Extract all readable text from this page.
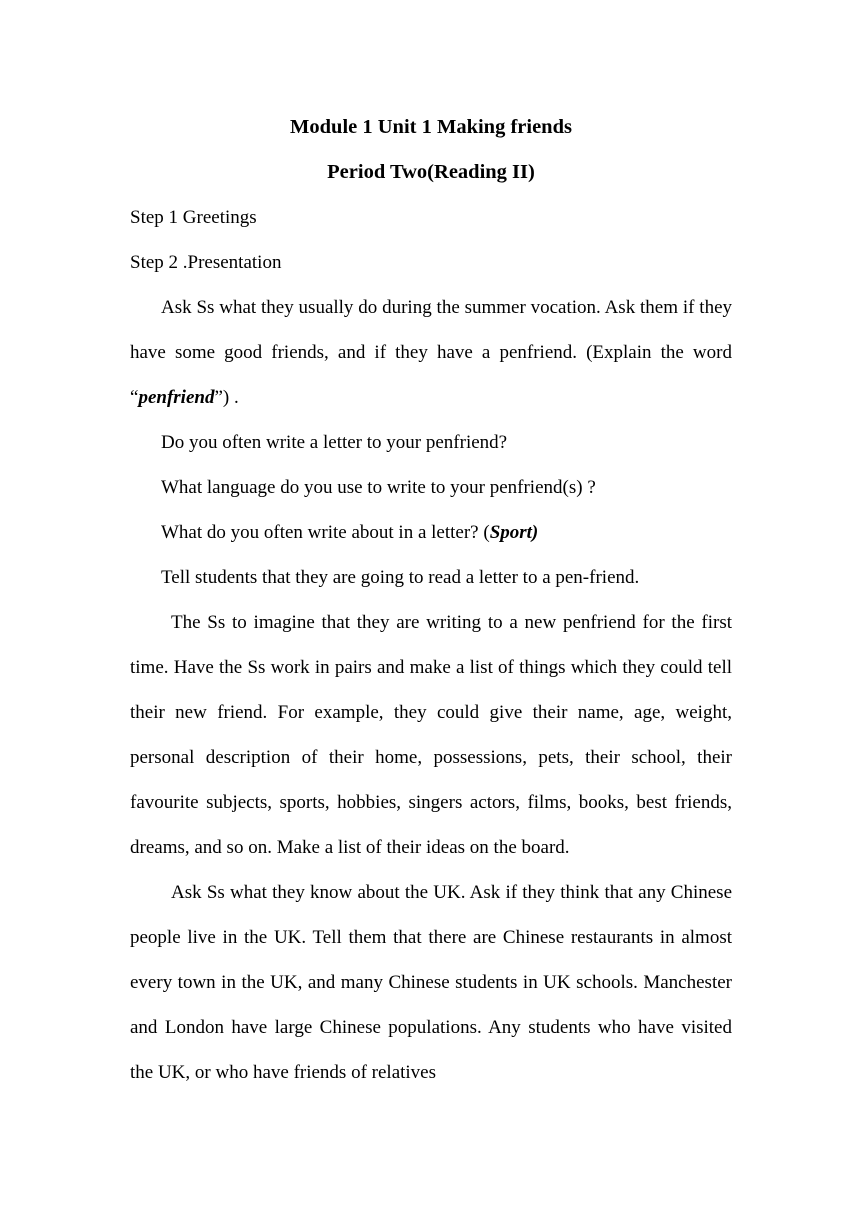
Module 1 Unit 1 Making friends

Period Two(Reading II)

Step 1 Greetings

Step 2 .Presentation

Ask Ss what they usually do during the summer vocation. Ask them if they have some good friends, and if they have a penfriend. (Explain the word “penfriend”) .

Do you often write a letter to your penfriend?

What language do you use to write to your penfriend(s) ?

What do you often write about in a letter? (Sport)

Tell students that they are going to read a letter to a pen-friend.

The Ss to imagine that they are writing to a new penfriend for the first time. Have the Ss work in pairs and make a list of things which they could tell their new friend. For example, they could give their name, age, weight, personal description of their home, possessions, pets, their school, their favourite subjects, sports, hobbies, singers actors, films, books, best friends, dreams, and so on. Make a list of their ideas on the board.

Ask Ss what they know about the UK. Ask if they think that any Chinese people live in the UK. Tell them that there are Chinese restaurants in almost every town in the UK, and many Chinese students in UK schools. Manchester and London have large Chinese populations. Any students who have visited the UK, or who have friends of relatives
